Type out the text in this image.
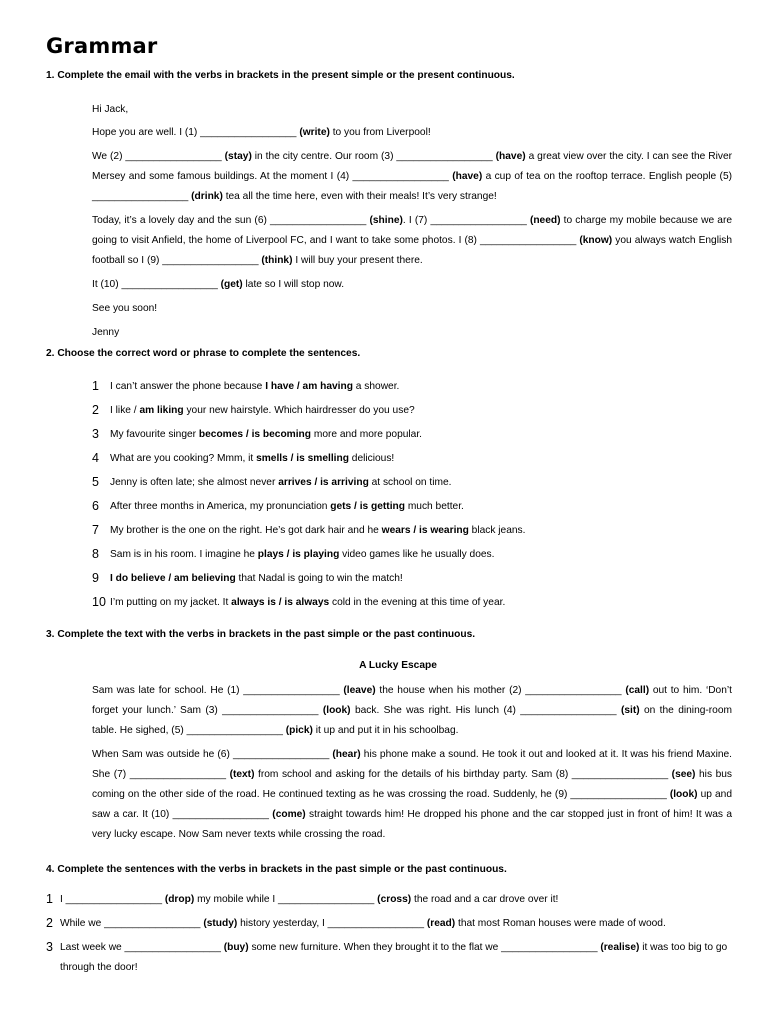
Grammar

1. Complete the email with the verbs in brackets in the present simple or the present continuous.

Hi Jack,

Hope you are well. I (1) _________________ (write) to you from Liverpool!

We (2) _________________ (stay) in the city centre. Our room (3) _________________ (have) a great view over the city. I can see the River Mersey and some famous buildings. At the moment I (4) _________________ (have) a cup of tea on the rooftop terrace. English people (5) _________________ (drink) tea all the time here, even with their meals! It’s very strange!

Today, it’s a lovely day and the sun (6) _________________ (shine). I (7) _________________ (need) to charge my mobile because we are going to visit Anfield, the home of Liverpool FC, and I want to take some photos. I (8) _________________ (know) you always watch English football so I (9) _________________ (think) I will buy your present there.

It (10) _________________ (get) late so I will stop now.

See you soon!

Jenny

2. Choose the correct word or phrase to complete the sentences.

1 I can’t answer the phone because I have / am having a shower.
2 I like / am liking your new hairstyle. Which hairdresser do you use?
3 My favourite singer becomes / is becoming more and more popular.
4 What are you cooking? Mmm, it smells / is smelling delicious!
5 Jenny is often late; she almost never arrives / is arriving at school on time.
6 After three months in America, my pronunciation gets / is getting much better.
7 My brother is the one on the right. He’s got dark hair and he wears / is wearing black jeans.
8 Sam is in his room. I imagine he plays / is playing video games like he usually does.
9 I do believe / am believing that Nadal is going to win the match!
10 I’m putting on my jacket. It always is / is always cold in the evening at this time of year.

3. Complete the text with the verbs in brackets in the past simple or the past continuous.

A Lucky Escape

Sam was late for school. He (1) _________________ (leave) the house when his mother (2) _________________ (call) out to him. ‘Don’t forget your lunch.’ Sam (3) _________________ (look) back. She was right. His lunch (4) _________________ (sit) on the dining-room table. He sighed, (5) _________________ (pick) it up and put it in his schoolbag.

When Sam was outside he (6) _________________ (hear) his phone make a sound. He took it out and looked at it. It was his friend Maxine. She (7) _________________ (text) from school and asking for the details of his birthday party. Sam (8) _________________ (see) his bus coming on the other side of the road. He continued texting as he was crossing the road. Suddenly, he (9) _________________ (look) up and saw a car. It (10) _________________ (come) straight towards him! He dropped his phone and the car stopped just in front of him! It was a very lucky escape. Now Sam never texts while crossing the road.

4. Complete the sentences with the verbs in brackets in the past simple or the past continuous.

1 I _________________ (drop) my mobile while I _________________ (cross) the road and a car drove over it!
2 While we _________________ (study) history yesterday, I _________________ (read) that most Roman houses were made of wood.
3 Last week we _________________ (buy) some new furniture. When they brought it to the flat we _________________ (realise) it was too big to go through the door!
